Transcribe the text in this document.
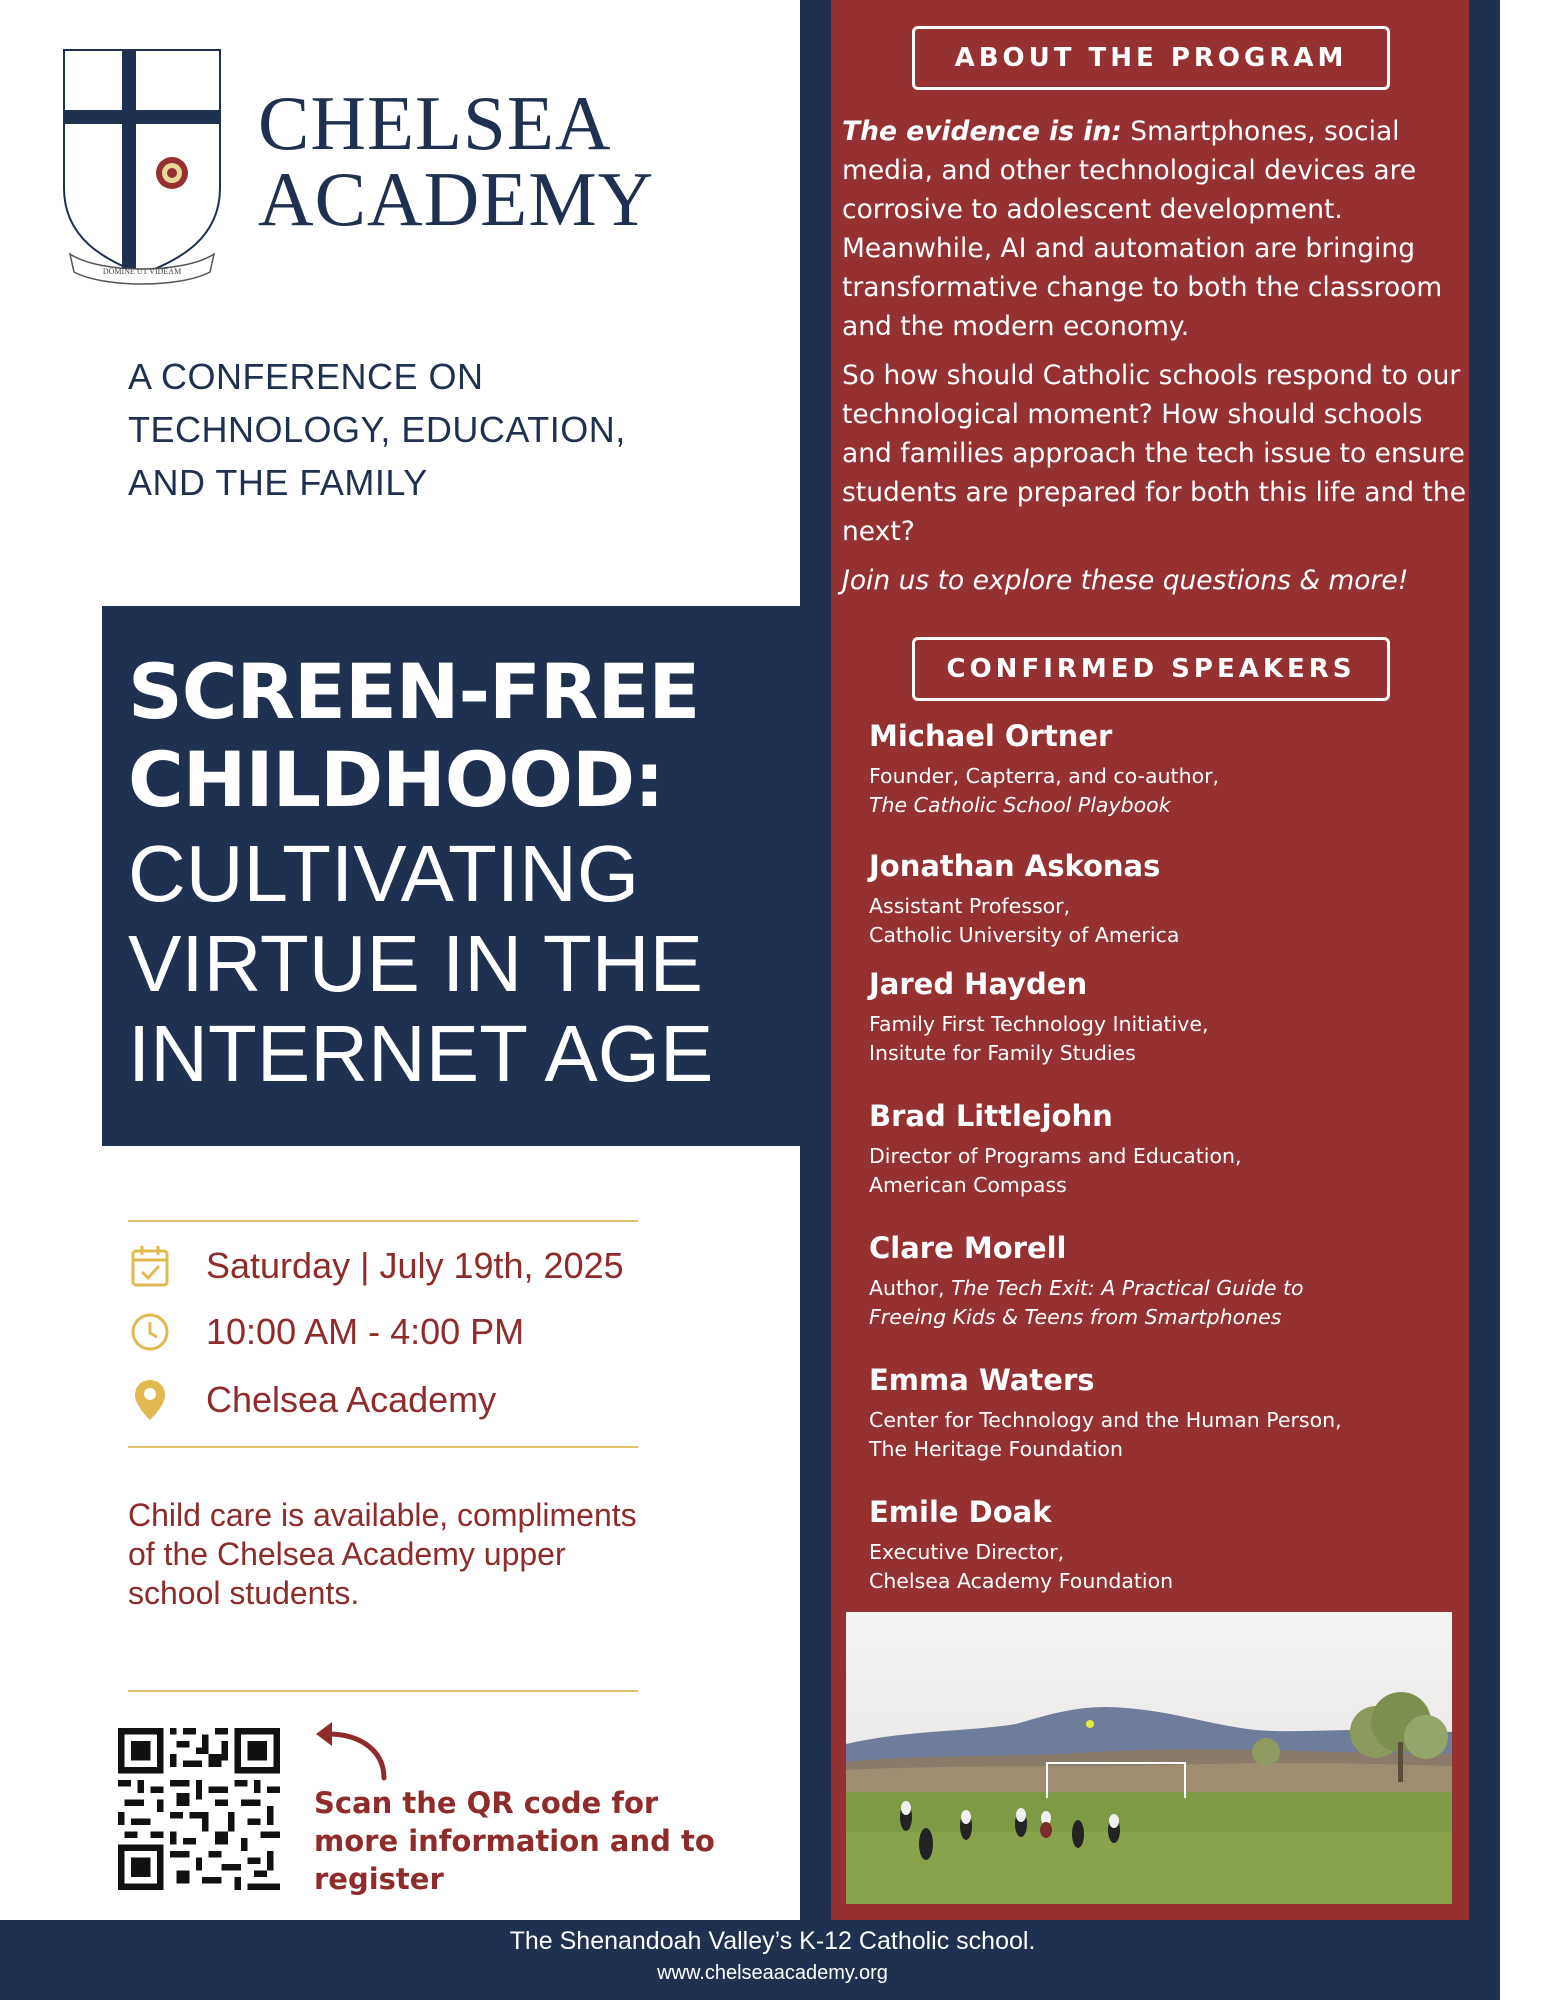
ABOUT THE PROGRAM

The evidence is in: Smartphones, social media, and other technological devices are corrosive to adolescent development. Meanwhile, AI and automation are bringing transformative change to both the classroom and the modern economy.

So how should Catholic schools respond to our technological moment? How should schools and families approach the tech issue to ensure students are prepared for both this life and the next?

Join us to explore these questions & more!

CONFIRMED SPEAKERS
Michael Ortner
Founder, Capterra, and co-author,
The Catholic School Playbook
Jonathan Askonas
Assistant Professor,
Catholic University of America
Jared Hayden
Family First Technology Initiative,
Insitute for Family Studies
Brad Littlejohn
Director of Programs and Education,
American Compass
Clare Morell
Author, The Tech Exit: A Practical Guide to
Freeing Kids & Teens from Smartphones
Emma Waters
Center for Technology and the Human Person,
The Heritage Foundation
Emile Doak
Executive Director,
Chelsea Academy Foundation
DOMINE UT VIDEAM
CHELSEA
ACADEMY
A CONFERENCE ON
TECHNOLOGY, EDUCATION,
AND THE FAMILY
SCREEN-FREE
CHILDHOOD:
CULTIVATING
VIRTUE IN THE
INTERNET AGE
Saturday | July 19th, 2025
10:00 AM - 4:00 PM
Chelsea Academy
Child care is available, compliments of the Chelsea Academy upper school students.
Scan the QR code for more information and to register
The Shenandoah Valley’s K-12 Catholic school.
www.chelseaacademy.org
